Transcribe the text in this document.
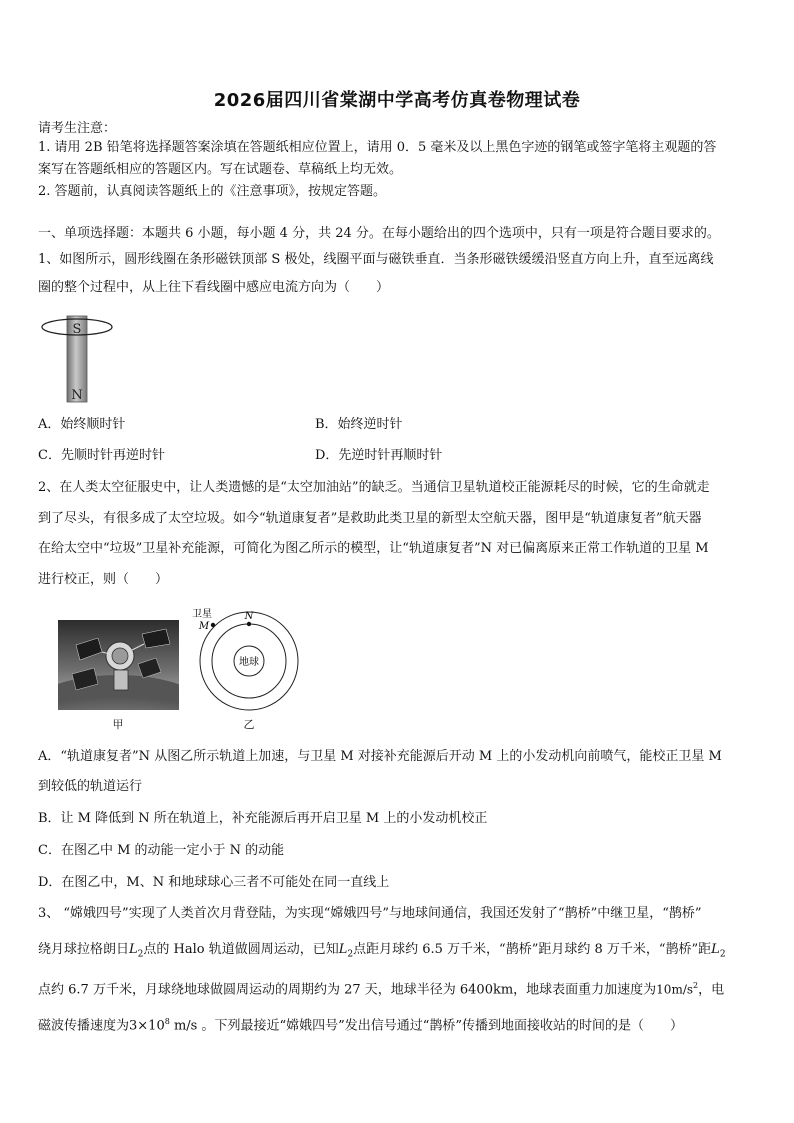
2026届四川省棠湖中学高考仿真卷物理试卷
请考生注意：
1. 请用 2B 铅笔将选择题答案涂填在答题纸相应位置上，请用 0．5 毫米及以上黑色字迹的钢笔或签字笔将主观题的答
案写在答题纸相应的答题区内。写在试题卷、草稿纸上均无效。
2. 答题前，认真阅读答题纸上的《注意事项》，按规定答题。
一、单项选择题：本题共 6 小题，每小题 4 分，共 24 分。在每小题给出的四个选项中，只有一项是符合题目要求的。
1、如图所示，圆形线圈在条形磁铁顶部 S 极处，线圈平面与磁铁垂直．当条形磁铁缓缓沿竖直方向上升，直至远离线
圈的整个过程中，从上往下看线圈中感应电流方向为（　　）
S
N
A．始终顺时针	B．始终逆时针
C．先顺时针再逆时针	D．先逆时针再顺时针
2、在人类太空征服史中，让人类遗憾的是“太空加油站”的缺乏。当通信卫星轨道校正能源耗尽的时候，它的生命就走
到了尽头，有很多成了太空垃圾。如今“轨道康复者”是救助此类卫星的新型太空航天器，图甲是“轨道康复者”航天器
在给太空中“垃圾”卫星补充能源，可简化为图乙所示的模型，让“轨道康复者”N 对已偏离原来正常工作轨道的卫星 M
进行校正，则（　　）
甲
地球
N
M
卫星
乙
A．“轨道康复者”N 从图乙所示轨道上加速，与卫星 M 对接补充能源后开动 M 上的小发动机向前喷气，能校正卫星 M
到较低的轨道运行
B．让 M 降低到 N 所在轨道上，补充能源后再开启卫星 M 上的小发动机校正
C．在图乙中 M 的动能一定小于 N 的动能
D．在图乙中，M、N 和地球球心三者不可能处在同一直线上
3、 “嫦娥四号”实现了人类首次月背登陆，为实现“嫦娥四号”与地球间通信，我国还发射了“鹊桥”中继卫星，“鹊桥”
绕月球拉格朗日$L_2$点的 Halo 轨道做圆周运动，已知$L_2$点距月球约 6.5 万千米，“鹊桥”距月球约 8 万千米，“鹊桥”距$L_2$
点约 6.7 万千米，月球绕地球做圆周运动的周期约为 27 天，地球半径为 6400km，地球表面重力加速度为$10m/s^2$，电
磁波传播速度为$3\times 10^8$ m/s 。下列最接近“嫦娥四号”发出信号通过“鹊桥”传播到地面接收站的时间的是（　　）
